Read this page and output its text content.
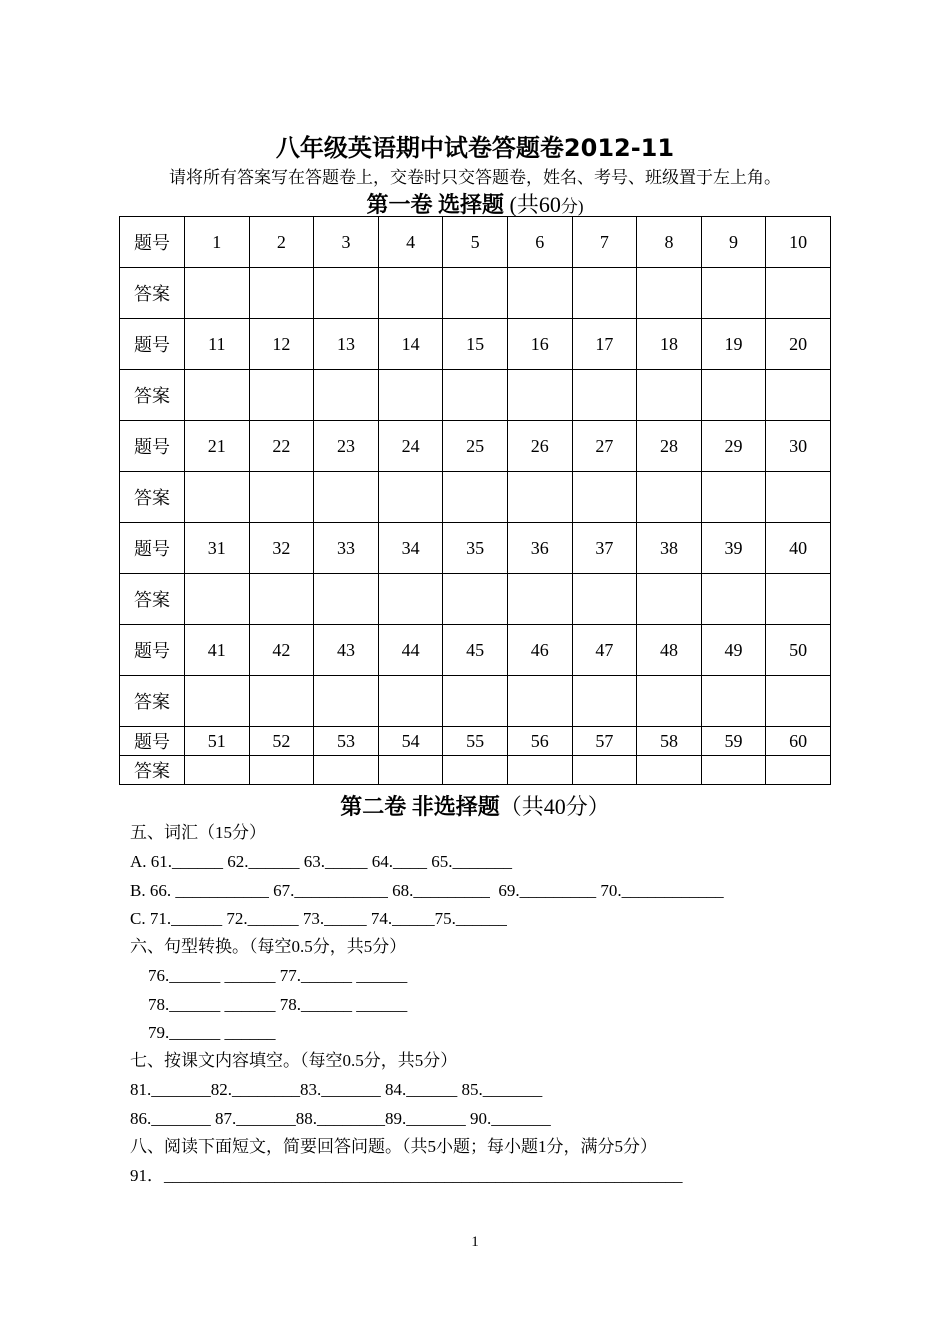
八年级英语期中试卷答题卷2012-11
请将所有答案写在答题卷上，交卷时只交答题卷，姓名、考号、班级置于左上角。
第一卷 选择题 (共60分)
题号	1	2	3	4	5	6	7	8	9	10
答案										
题号	11	12	13	14	15	16	17	18	19	20
答案										
题号	21	22	23	24	25	26	27	28	29	30
答案										
题号	31	32	33	34	35	36	37	38	39	40
答案										
题号	41	42	43	44	45	46	47	48	49	50
答案										
题号	51	52	53	54	55	56	57	58	59	60
答案										
第二卷 非选择题（共40分）
五、词汇（15分）
A. 61.______ 62.______ 63._____ 64.____ 65._______
B. 66. ___________ 67.___________ 68._________  69._________ 70.____________
C. 71.______ 72.______ 73._____ 74._____75.______
六、句型转换。（每空0.5分，共5分）
76.______ ______ 77.______ ______
78.______ ______ 78.______ ______
79.______ ______
七、按课文内容填空。（每空0.5分，共5分）
81._______82.________83._______ 84.______ 85._______
86._______ 87._______88.________89._______ 90._______
八、阅读下面短文，简要回答问题。（共5小题；每小题1分，满分5分）
91．_____________________________________________________________
1
